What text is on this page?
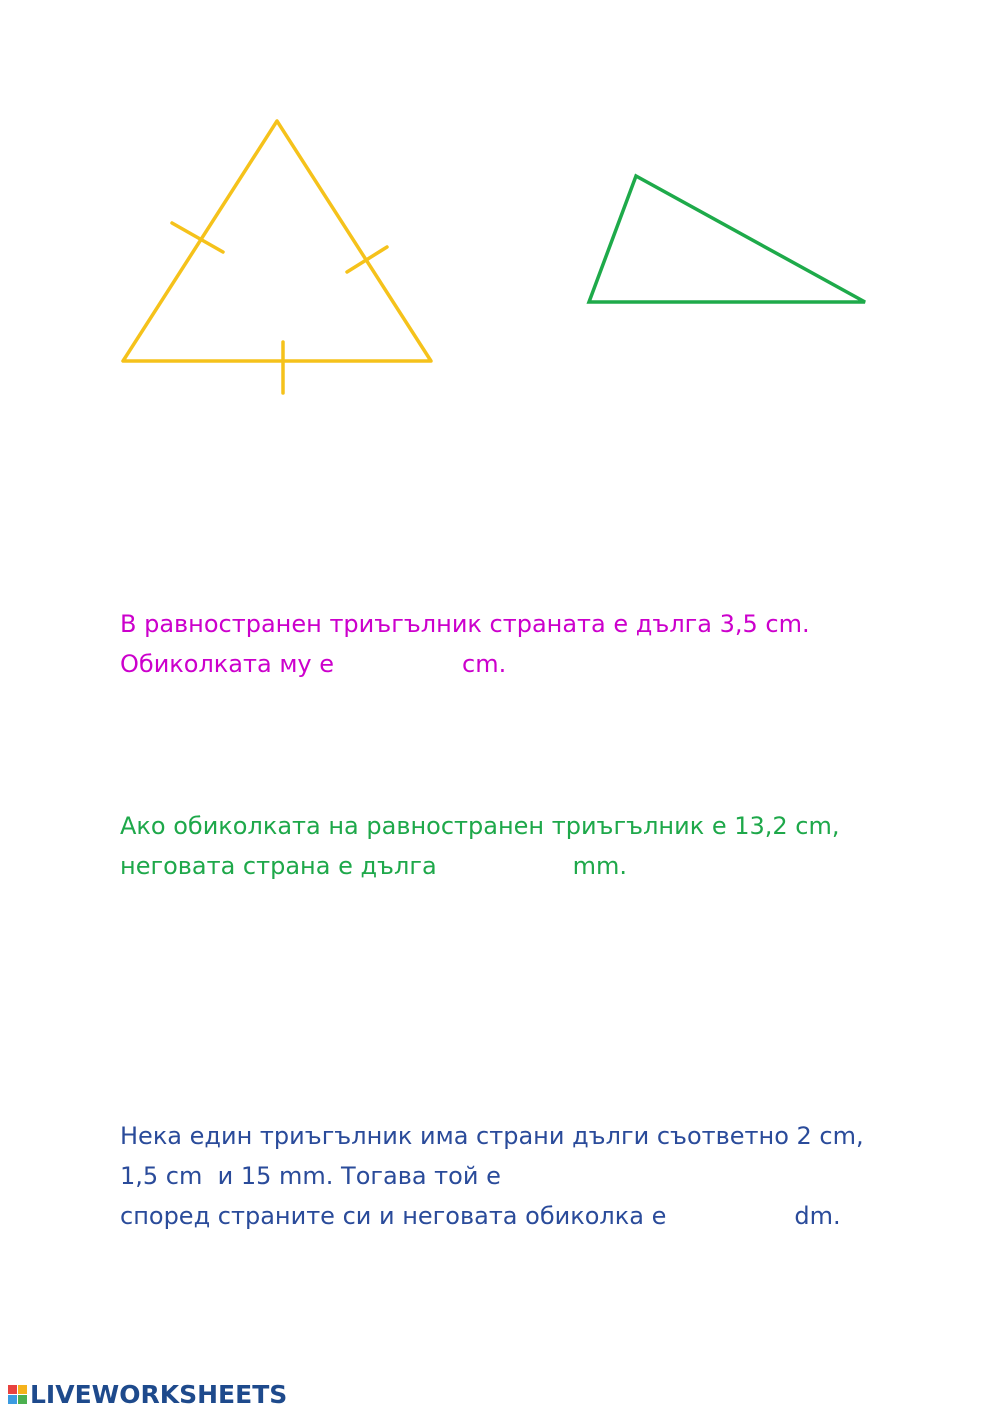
В равностранен триъгълник страната е дълга 3,5 cm.
Обиколката му е	cm.
Ако обиколката на равностранен триъгълник е 13,2 cm,
неговата страна е дълга	mm.
Нека един триъгълник има страни дълги съответно 2 cm,
1,5 cm  и 15 mm. Тогава той е
според страните си и неговата обиколка е	dm.
LIVEWORKSHEETS
